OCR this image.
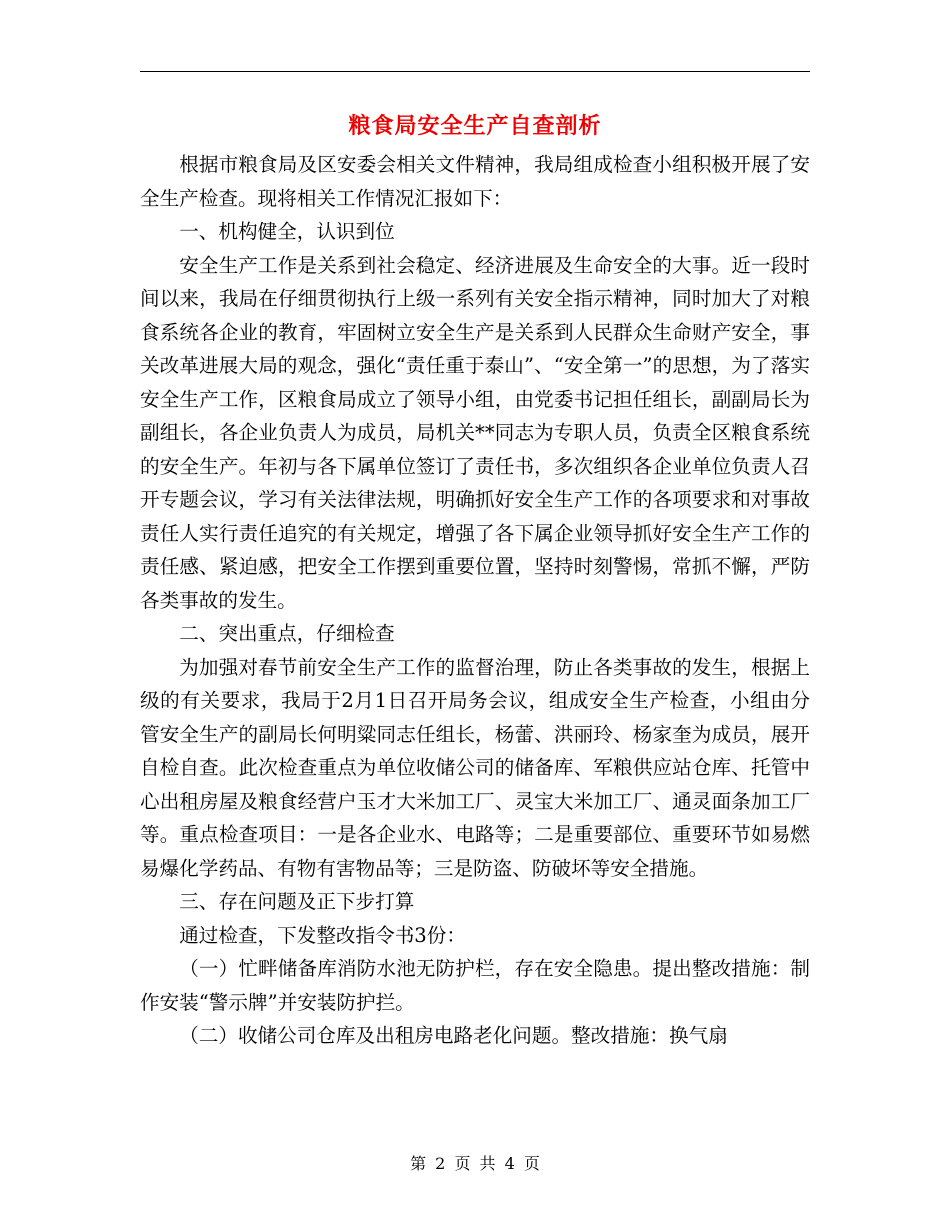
粮食局安全生产自查剖析

根据市粮食局及区安委会相关文件精神，我局组成检查小组积极开展了安全生产检查。现将相关工作情况汇报如下：

一、机构健全，认识到位

安全生产工作是关系到社会稳定、经济进展及生命安全的大事。近一段时间以来，我局在仔细贯彻执行上级一系列有关安全指示精神，同时加大了对粮食系统各企业的教育，牢固树立安全生产是关系到人民群众生命财产安全，事关改革进展大局的观念，强化“责任重于泰山”、“安全第一”的思想，为了落实安全生产工作，区粮食局成立了领导小组，由党委书记担任组长，副副局长为副组长，各企业负责人为成员，局机关**同志为专职人员，负责全区粮食系统的安全生产。年初与各下属单位签订了责任书，多次组织各企业单位负责人召开专题会议，学习有关法律法规，明确抓好安全生产工作的各项要求和对事故责任人实行责任追究的有关规定，增强了各下属企业领导抓好安全生产工作的责任感、紧迫感，把安全工作摆到重要位置，坚持时刻警惕，常抓不懈，严防各类事故的发生。

二、突出重点，仔细检查

为加强对春节前安全生产工作的监督治理，防止各类事故的发生，根据上级的有关要求，我局于2月1日召开局务会议，组成安全生产检查，小组由分管安全生产的副局长何明粱同志任组长，杨蕾、洪丽玲、杨家奎为成员，展开自检自查。此次检查重点为单位收储公司的储备库、军粮供应站仓库、托管中心出租房屋及粮食经营户玉才大米加工厂、灵宝大米加工厂、通灵面条加工厂等。重点检查项目：一是各企业水、电路等；二是重要部位、重要环节如易燃易爆化学药品、有物有害物品等；三是防盗、防破坏等安全措施。

三、存在问题及正下步打算

通过检查，下发整改指令书3份：

（一）忙畔储备库消防水池无防护栏，存在安全隐患。提出整改措施：制作安装“警示牌”并安装防护拦。

（二）收储公司仓库及出租房电路老化问题。整改措施：换气扇

第 2 页 共 4 页
